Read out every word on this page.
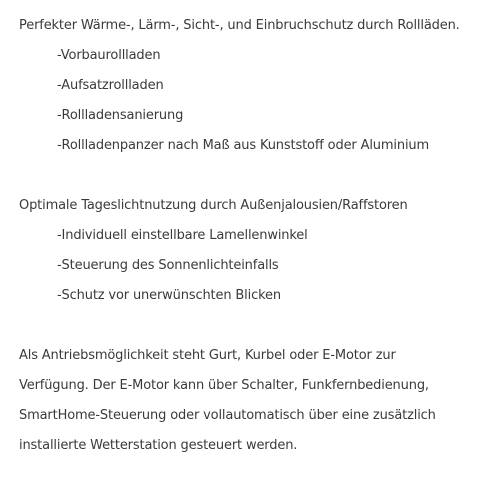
Perfekter Wärme-, Lärm-, Sicht-, und Einbruchschutz durch Rollläden.
-Vorbaurollladen
-Aufsatzrollladen
-Rollladensanierung
-Rollladenpanzer nach Maß aus Kunststoff oder Aluminium
Optimale Tageslichtnutzung durch Außenjalousien/Raffstoren
-Individuell einstellbare Lamellenwinkel
-Steuerung des Sonnenlichteinfalls
-Schutz vor unerwünschten Blicken
Als Antriebsmöglichkeit steht Gurt, Kurbel oder E-Motor zur
Verfügung. Der E-Motor kann über Schalter, Funkfernbedienung,
SmartHome-Steuerung oder vollautomatisch über eine zusätzlich
installierte Wetterstation gesteuert werden.
